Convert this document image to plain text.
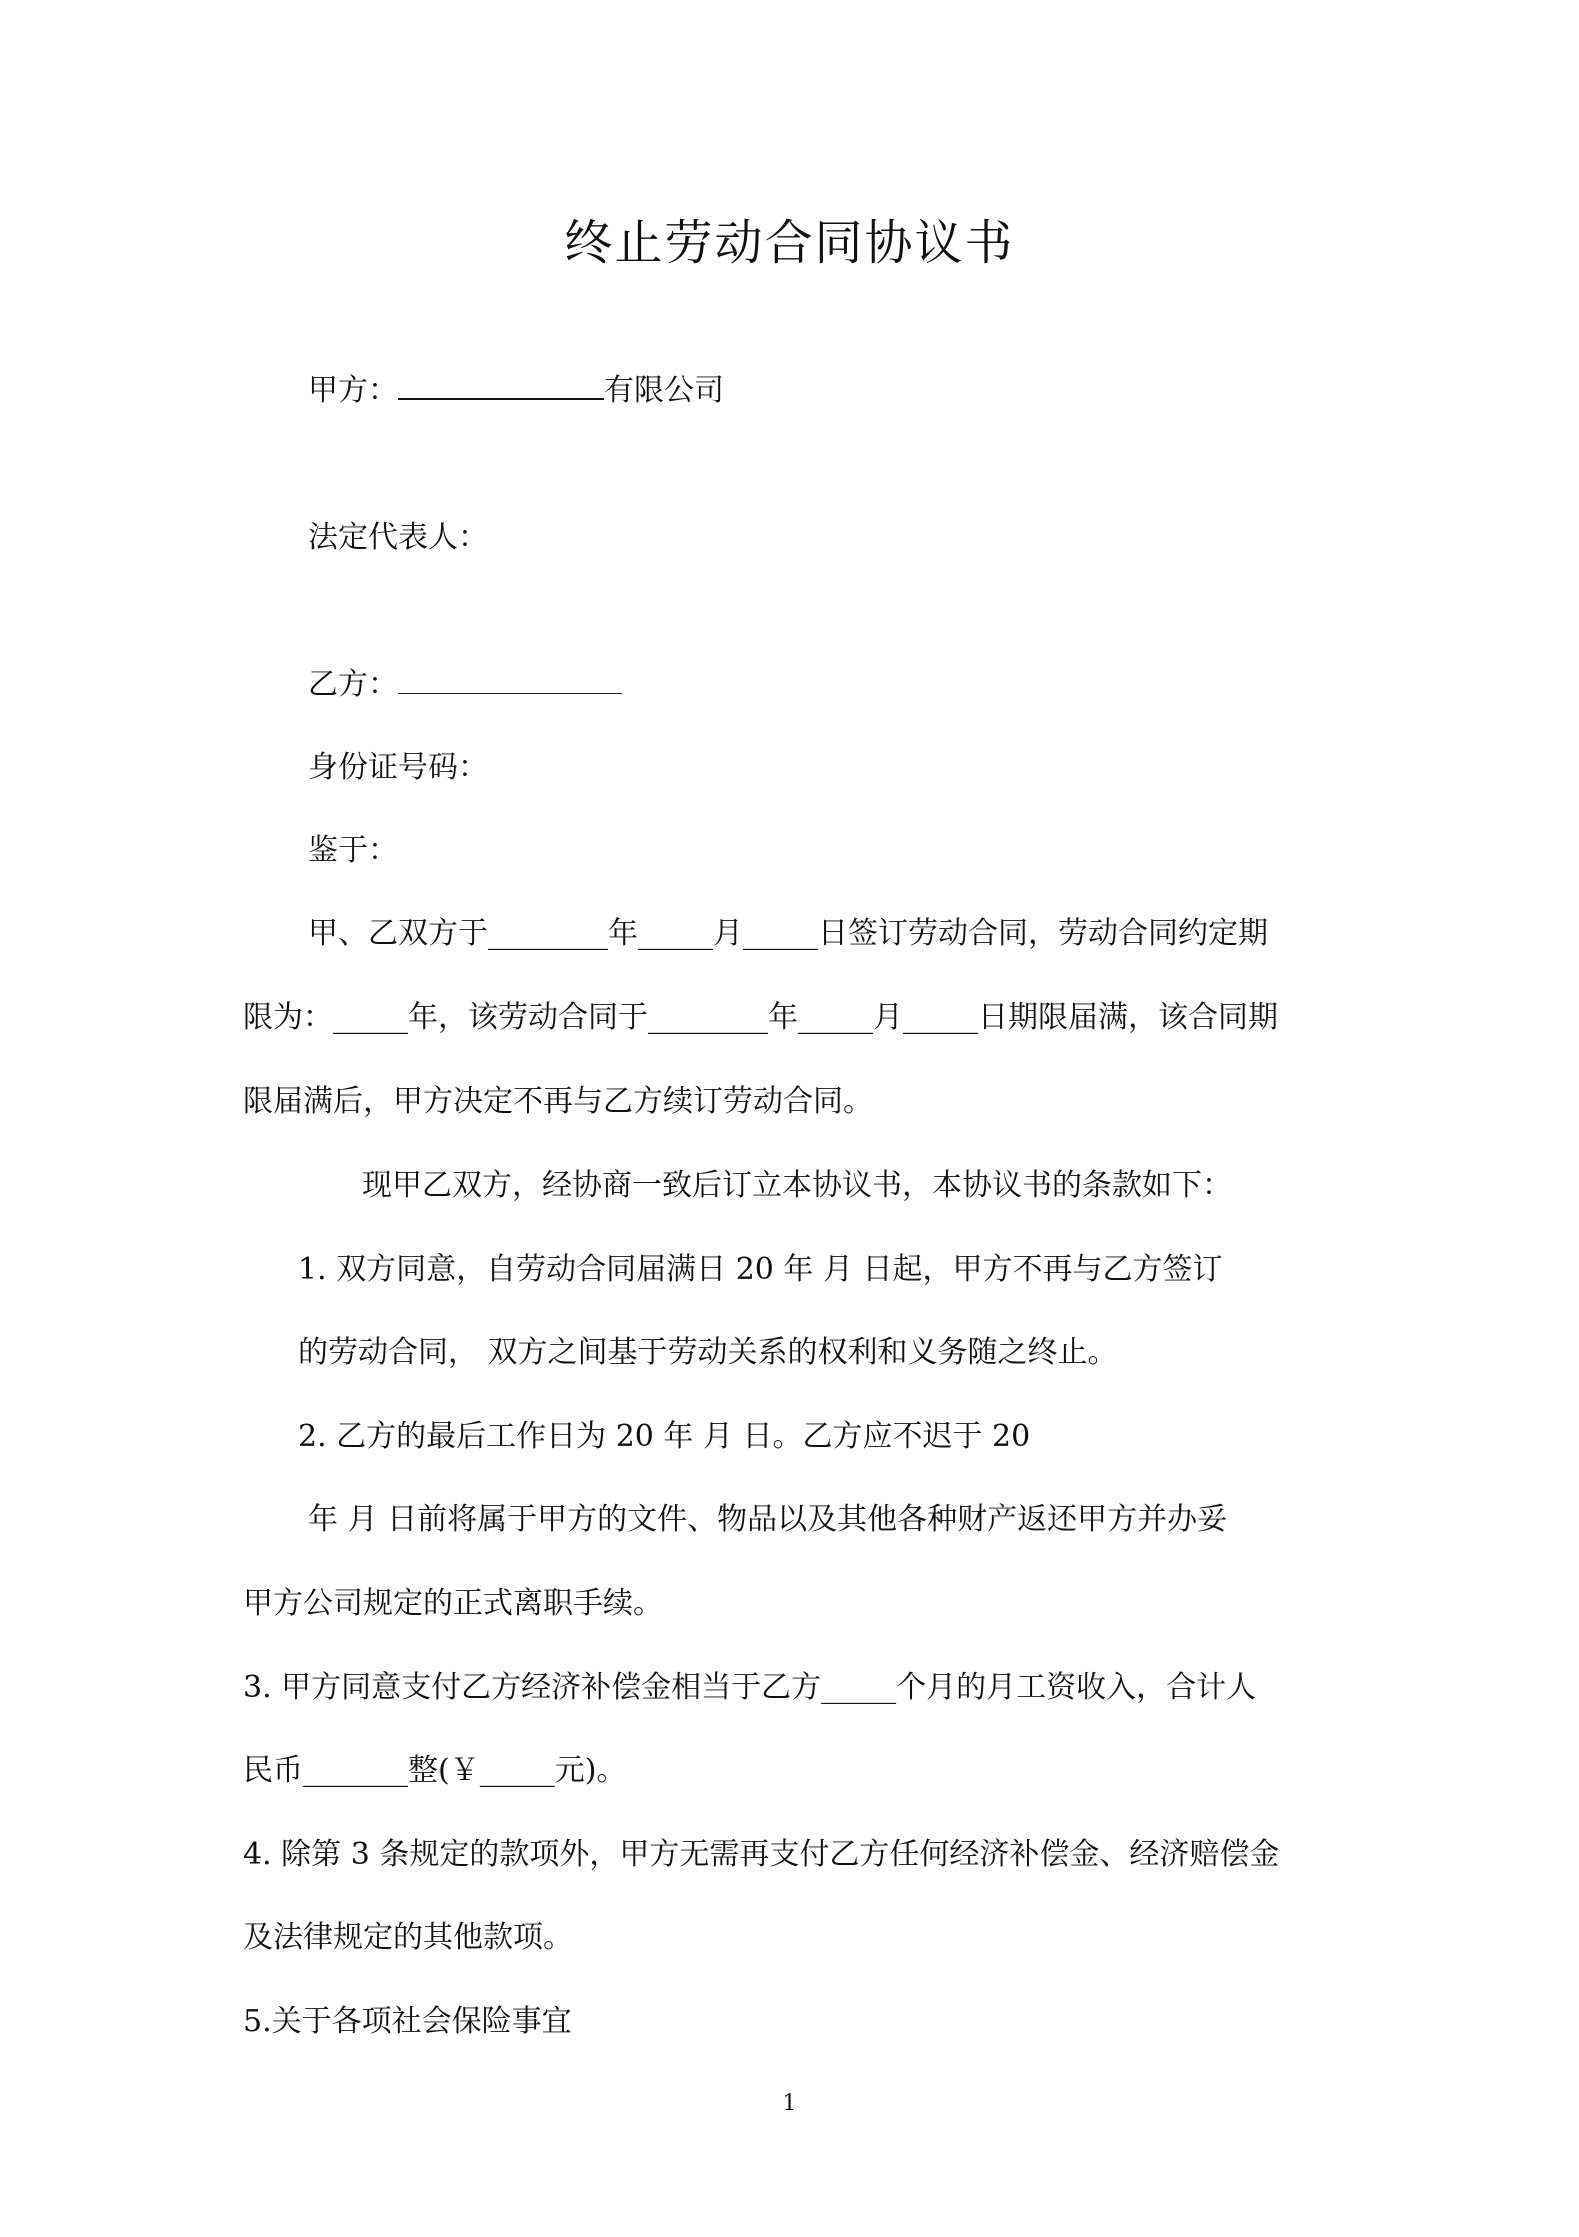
终止劳动合同协议书
甲方：	有限公司
法定代表人：
乙方：
身份证号码：
鉴于：
甲、乙双方于________年_____月_____日签订劳动合同，劳动合同约定期
限为：_____年，该劳动合同于________年_____月_____日期限届满，该合同期
限届满后，甲方决定不再与乙方续订劳动合同。
现甲乙双方，经协商一致后订立本协议书，本协议书的条款如下：
1. 双方同意，自劳动合同届满日 20 年 月 日起，甲方不再与乙方签订
的劳动合同， 双方之间基于劳动关系的权利和义务随之终止。
2. 乙方的最后工作日为 20 年 月 日。乙方应不迟于 20
年 月 日前将属于甲方的文件、物品以及其他各种财产返还甲方并办妥
甲方公司规定的正式离职手续。
3. 甲方同意支付乙方经济补偿金相当于乙方_____个月的月工资收入，合计人
民币_______整(￥_____元)。
4. 除第 3 条规定的款项外，甲方无需再支付乙方任何经济补偿金、经济赔偿金
及法律规定的其他款项。
5.关于各项社会保险事宜
1
